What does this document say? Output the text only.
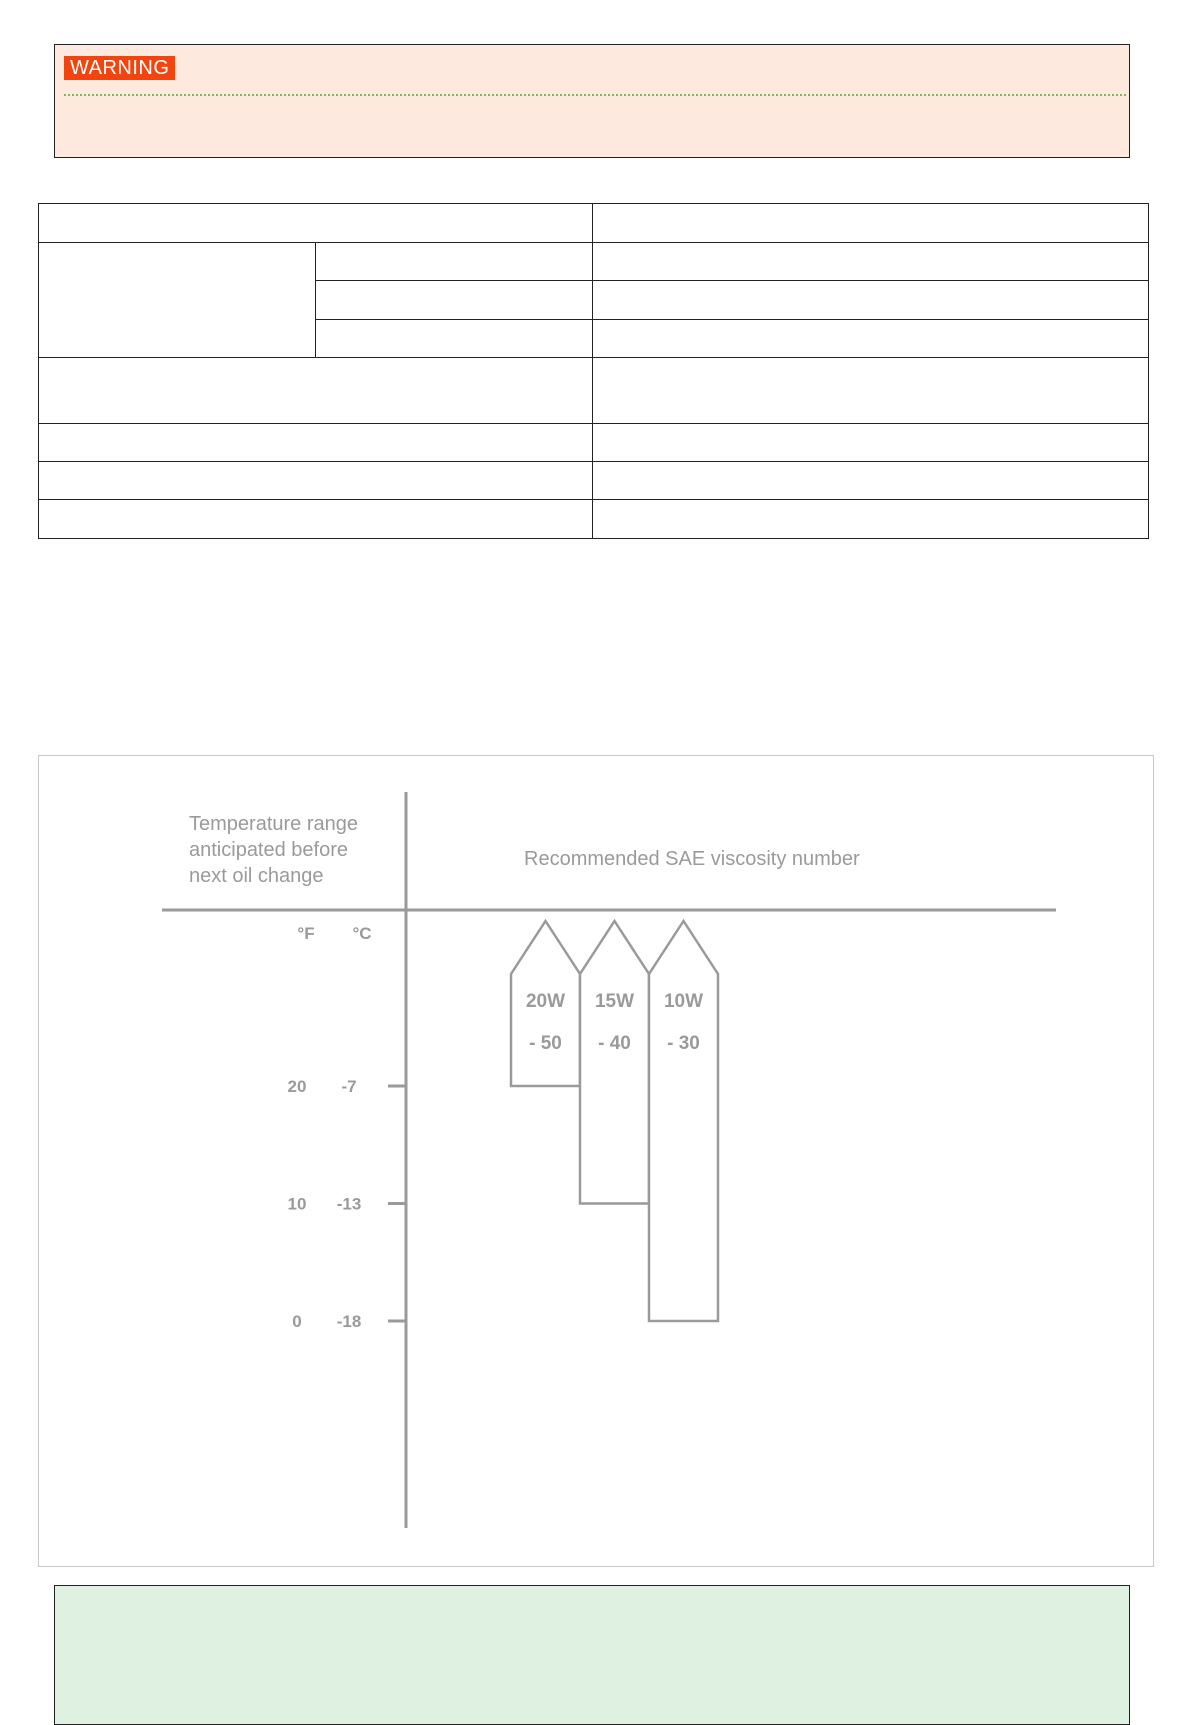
WARNING

Temperature range
anticipated before
next oil change
Recommended SAE viscosity number
°F °C
20 -7
10 -13
0 -18
20W
- 50
15W
- 40
10W
- 30
